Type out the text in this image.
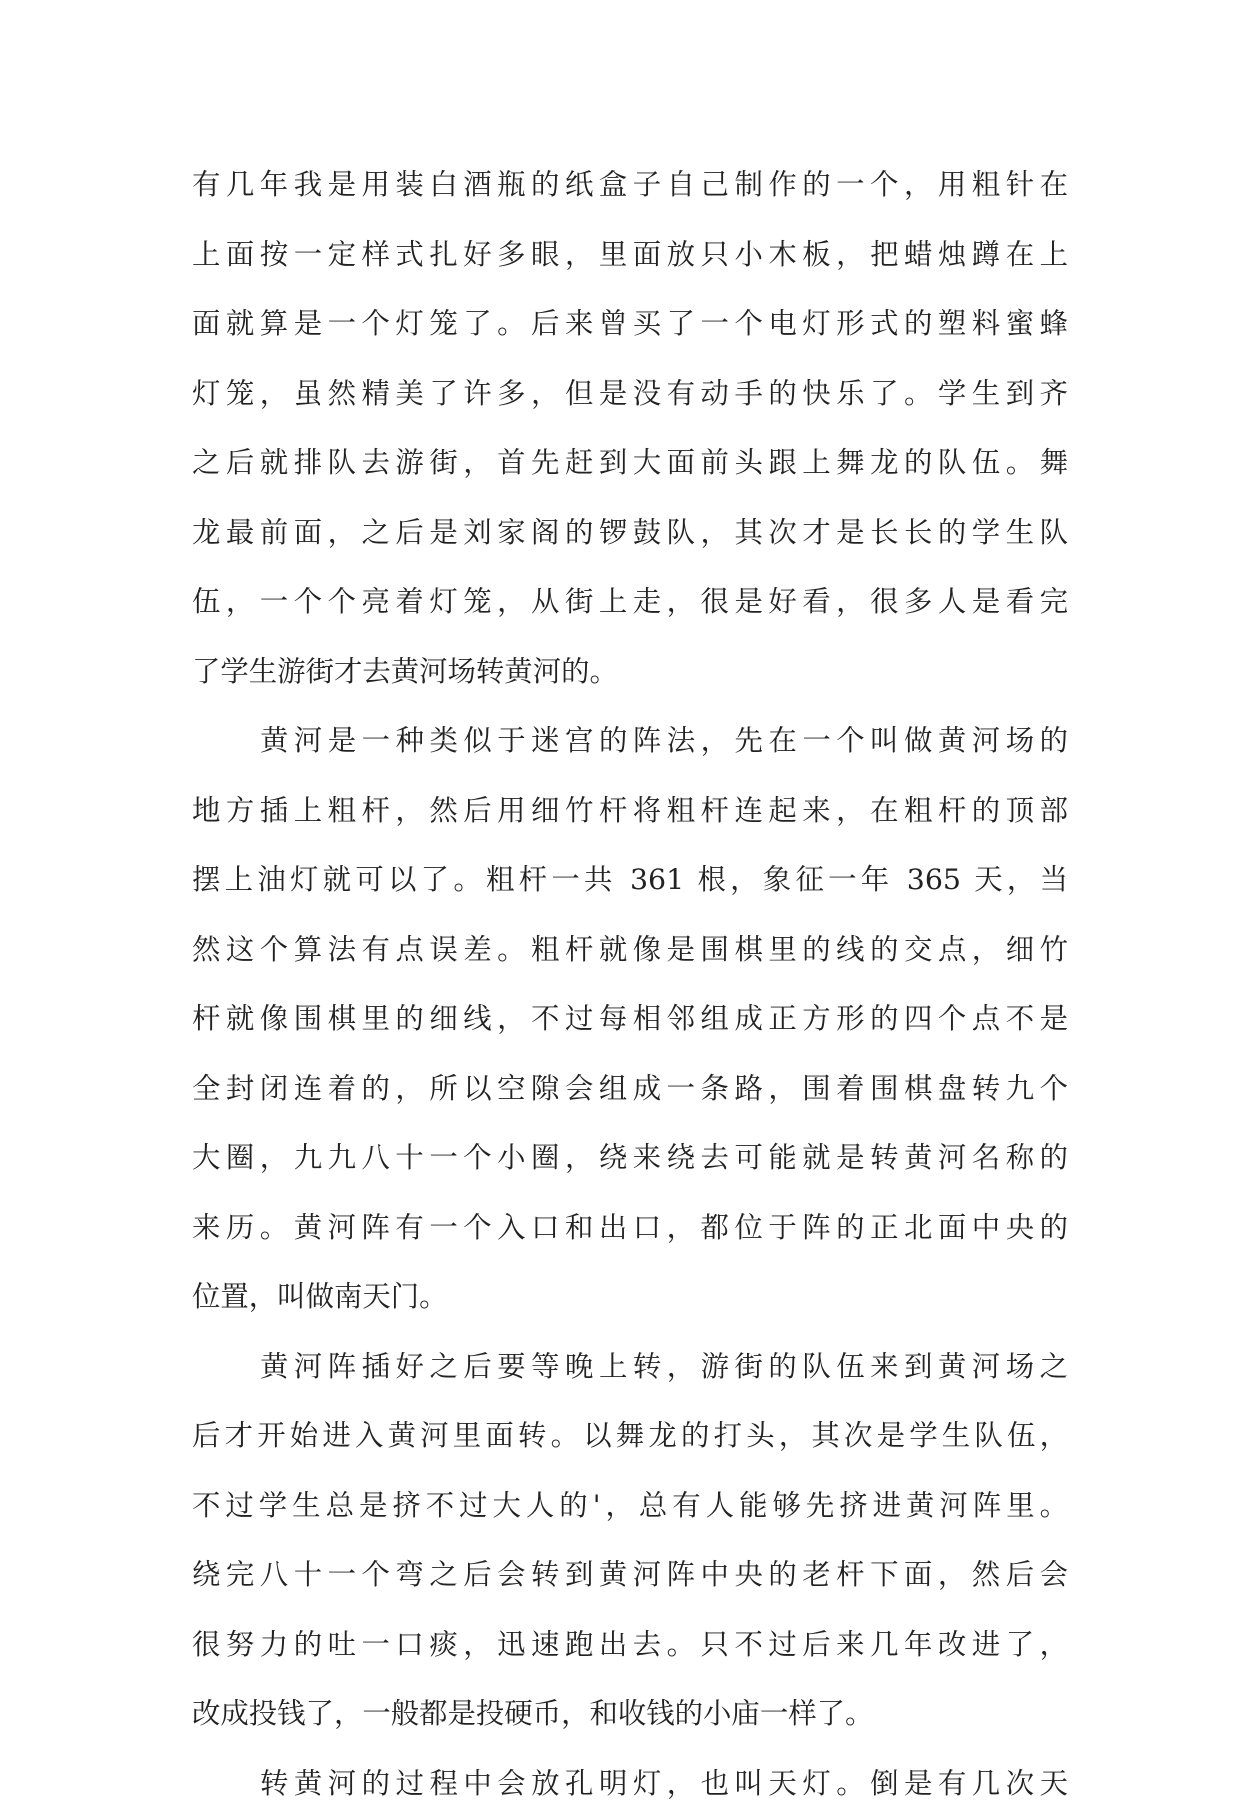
有几年我是用装白酒瓶的纸盒子自己制作的一个，用粗针在
上面按一定样式扎好多眼，里面放只小木板，把蜡烛蹲在上
面就算是一个灯笼了。后来曾买了一个电灯形式的塑料蜜蜂
灯笼，虽然精美了许多，但是没有动手的快乐了。学生到齐
之后就排队去游街，首先赶到大面前头跟上舞龙的队伍。舞
龙最前面，之后是刘家阁的锣鼓队，其次才是长长的学生队
伍，一个个亮着灯笼，从街上走，很是好看，很多人是看完
了学生游街才去黄河场转黄河的。
黄河是一种类似于迷宫的阵法，先在一个叫做黄河场的
地方插上粗杆，然后用细竹杆将粗杆连起来，在粗杆的顶部
摆上油灯就可以了。粗杆一共 361 根，象征一年 365 天，当
然这个算法有点误差。粗杆就像是围棋里的线的交点，细竹
杆就像围棋里的细线，不过每相邻组成正方形的四个点不是
全封闭连着的，所以空隙会组成一条路，围着围棋盘转九个
大圈，九九八十一个小圈，绕来绕去可能就是转黄河名称的
来历。黄河阵有一个入口和出口，都位于阵的正北面中央的
位置，叫做南天门。
黄河阵插好之后要等晚上转，游街的队伍来到黄河场之
后才开始进入黄河里面转。以舞龙的打头，其次是学生队伍，
不过学生总是挤不过大人的'，总有人能够先挤进黄河阵里。
绕完八十一个弯之后会转到黄河阵中央的老杆下面，然后会
很努力的吐一口痰，迅速跑出去。只不过后来几年改进了，
改成投钱了，一般都是投硬币，和收钱的小庙一样了。
转黄河的过程中会放孔明灯，也叫天灯。倒是有几次天
